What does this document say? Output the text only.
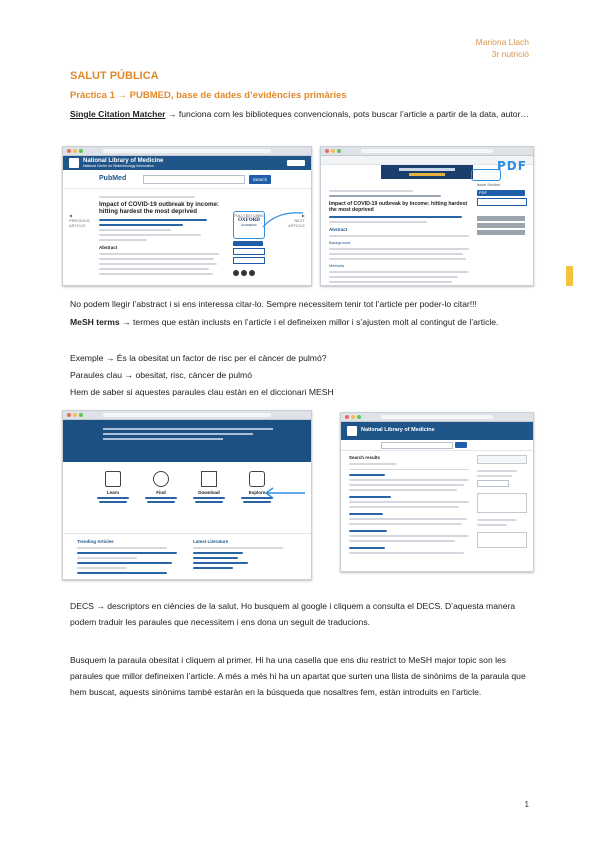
Mariona Llach
3r nutrició
SALUT PÚBLICA
Pràctica 1 → PUBMED, base de dades d’evidències primàries
Single Citation Matcher → funciona com les biblioteques convencionals, pots buscar l’article a partir de la data, autor…
National Library of Medicine
National Center for Biotechnology Information
PubMed	Search
◀
PREVIOUS
ARTICLE
▶
NEXT
ARTICLE
Impact of COVID-19 outbreak by income: hitting hardest the most deprived
Abstract
FULL TEXT LINKS
OXFORD
ACADEMIC
Impact of COVID-19 outbreak by income: hitting hardest the most deprived
Abstract
Background
Methods
Issue Section:
PDF
PDF
No podem llegir l’abstract i si ens interessa citar-lo. Sempre necessitem tenir tot l’article per poder-lo citar!!!
MeSH terms → termes que estàn inclusts en l’article i el defineixen millor i s’ajusten molt al contingut de l’article.
Exemple → És la obesitat un factor de risc per el càncer de pulmó?
Paraules clau → obesitat, risc, càncer de pulmó
Hem de saber si aquestes paraules clau estàn en el diccionari MESH
Learn	Find	Download	Explore
Trending Articles	Latest Literature
National Library of Medicine
Search results
DECS → descriptors en ciències de la salut. Ho busquem al google i cliquem a consulta el DECS. D’aquesta manera podem traduir les paraules que necessitem i ens dona un seguit de traducions.
Busquem la paraula obesitat i cliquem al primer. Hi ha una casella que ens diu restrict to MeSH major topic son les paraules que millor defineixen l’article. A més a més hi ha un apartat que surten una llista de sinònims de la paraula que hem buscat, aquests sinònims també estaràn en la búsqueda que nosaltres fem, estàn introduits en l’article.
1
